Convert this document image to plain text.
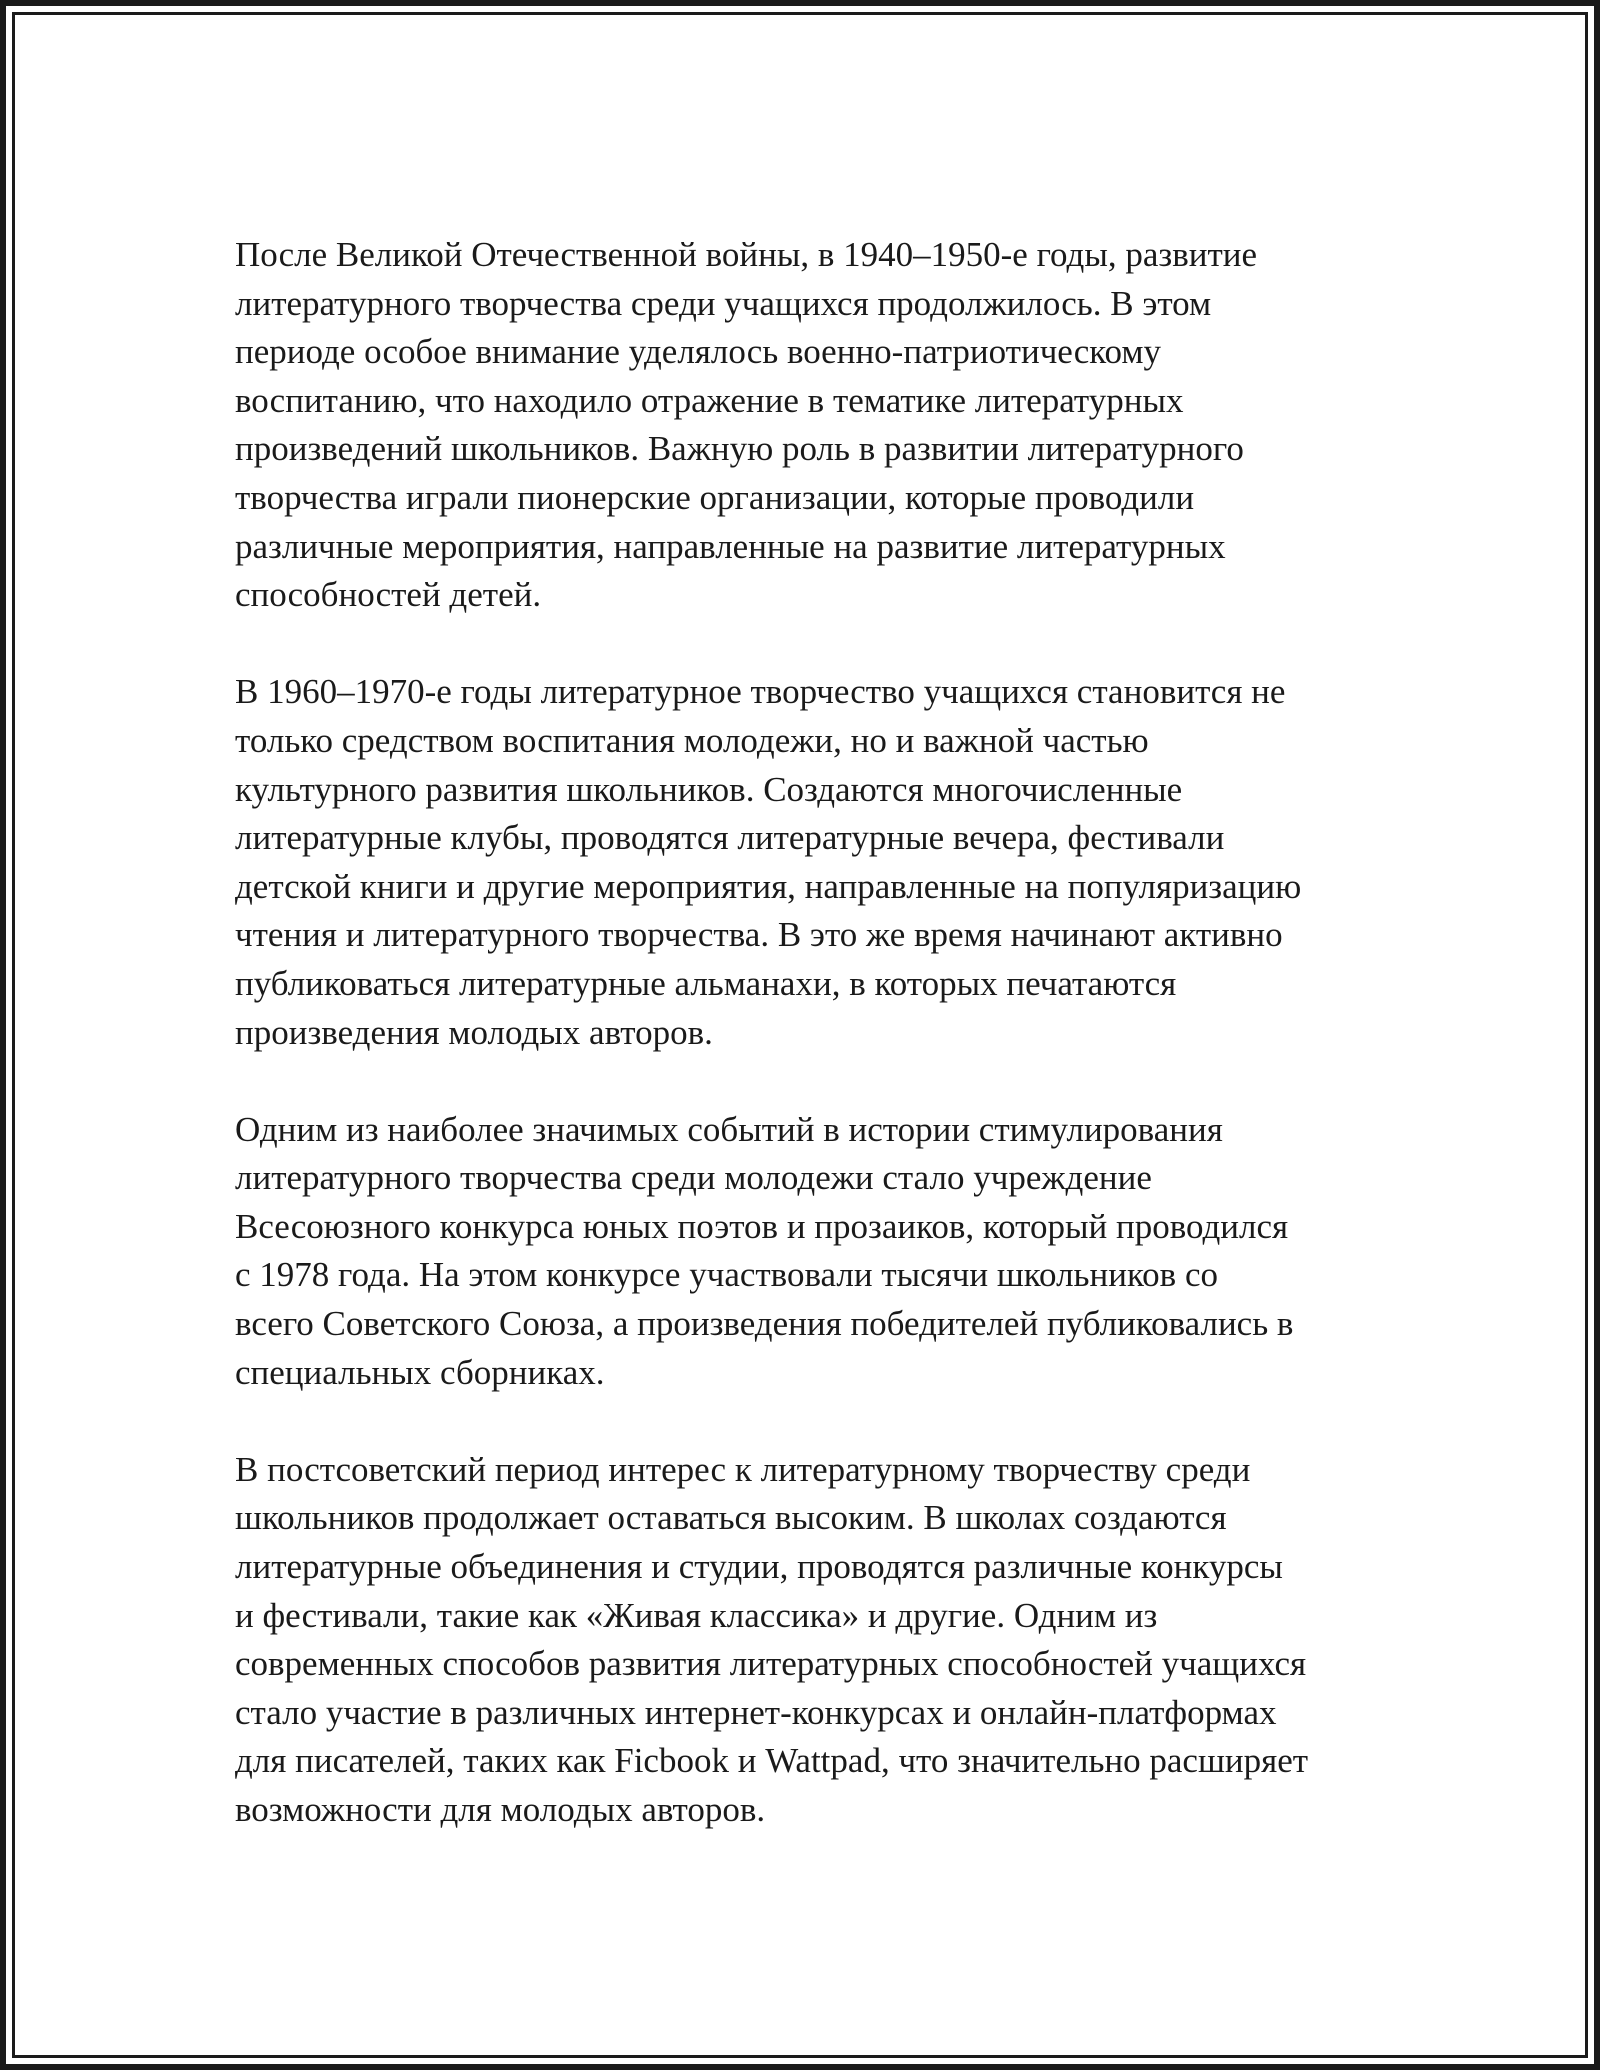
После Великой Отечественной войны, в 1940–1950-е годы, развитие
литературного творчества среди учащихся продолжилось. В этом
периоде особое внимание уделялось военно-патриотическому
воспитанию, что находило отражение в тематике литературных
произведений школьников. Важную роль в развитии литературного
творчества играли пионерские организации, которые проводили
различные мероприятия, направленные на развитие литературных
способностей детей.

В 1960–1970-е годы литературное творчество учащихся становится не
только средством воспитания молодежи, но и важной частью
культурного развития школьников. Создаются многочисленные
литературные клубы, проводятся литературные вечера, фестивали
детской книги и другие мероприятия, направленные на популяризацию
чтения и литературного творчества. В это же время начинают активно
публиковаться литературные альманахи, в которых печатаются
произведения молодых авторов.

Одним из наиболее значимых событий в истории стимулирования
литературного творчества среди молодежи стало учреждение
Всесоюзного конкурса юных поэтов и прозаиков, который проводился
с 1978 года. На этом конкурсе участвовали тысячи школьников со
всего Советского Союза, а произведения победителей публиковались в
специальных сборниках.

В постсоветский период интерес к литературному творчеству среди
школьников продолжает оставаться высоким. В школах создаются
литературные объединения и студии, проводятся различные конкурсы
и фестивали, такие как «Живая классика» и другие. Одним из
современных способов развития литературных способностей учащихся
стало участие в различных интернет-конкурсах и онлайн-платформах
для писателей, таких как Ficbook и Wattpad, что значительно расширяет
возможности для молодых авторов.
